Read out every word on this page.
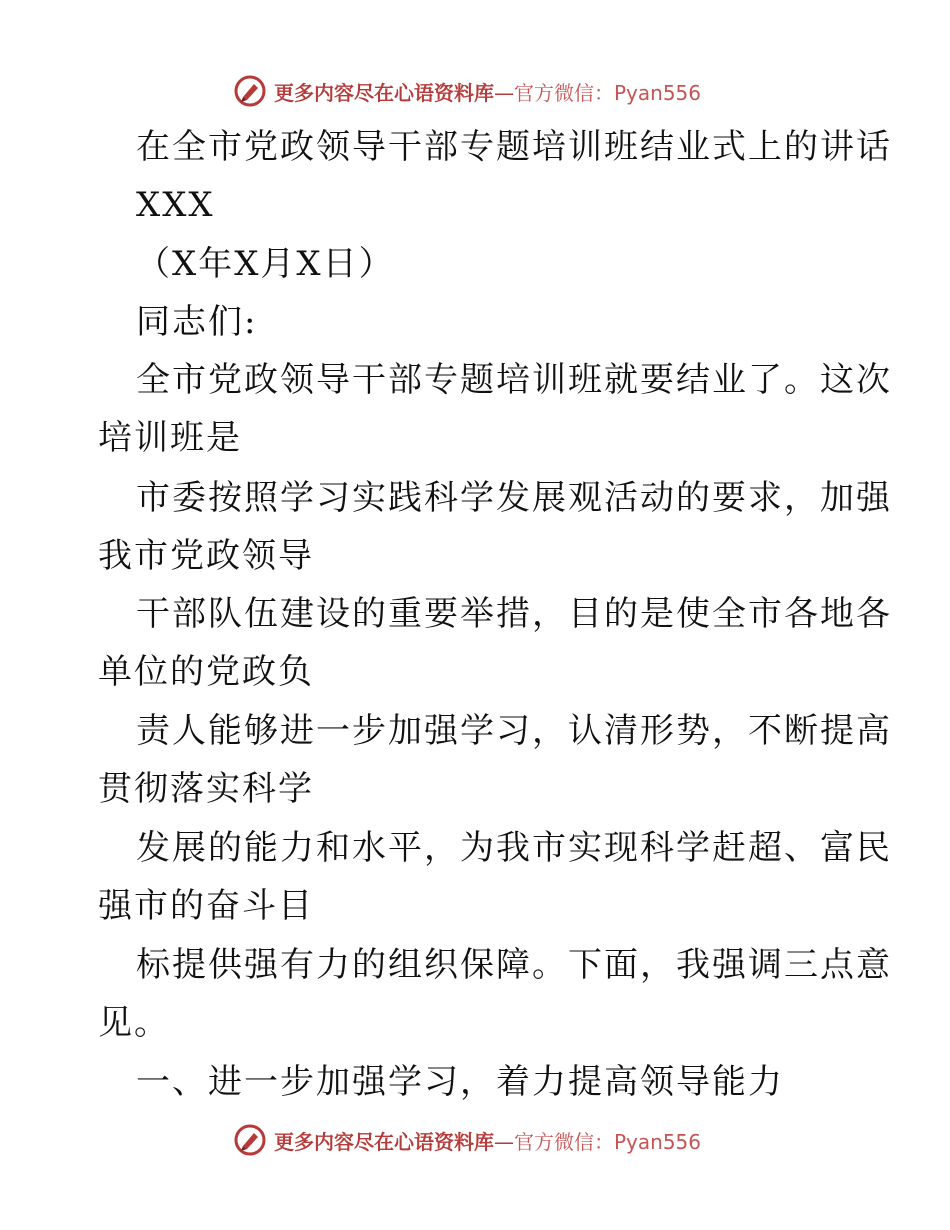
更多内容尽在心语资料库—官方微信：Pyan556
在全市党政领导干部专题培训班结业式上的讲话
XXX
（X年X月X日）
同志们:
全市党政领导干部专题培训班就要结业了。这次
培训班是
市委按照学习实践科学发展观活动的要求，加强
我市党政领导
干部队伍建设的重要举措，目的是使全市各地各
单位的党政负
责人能够进一步加强学习，认清形势，不断提高
贯彻落实科学
发展的能力和水平，为我市实现科学赶超、富民
强市的奋斗目
标提供强有力的组织保障。下面，我强调三点意
见。
一、进一步加强学习，着力提高领导能力
更多内容尽在心语资料库—官方微信：Pyan556
